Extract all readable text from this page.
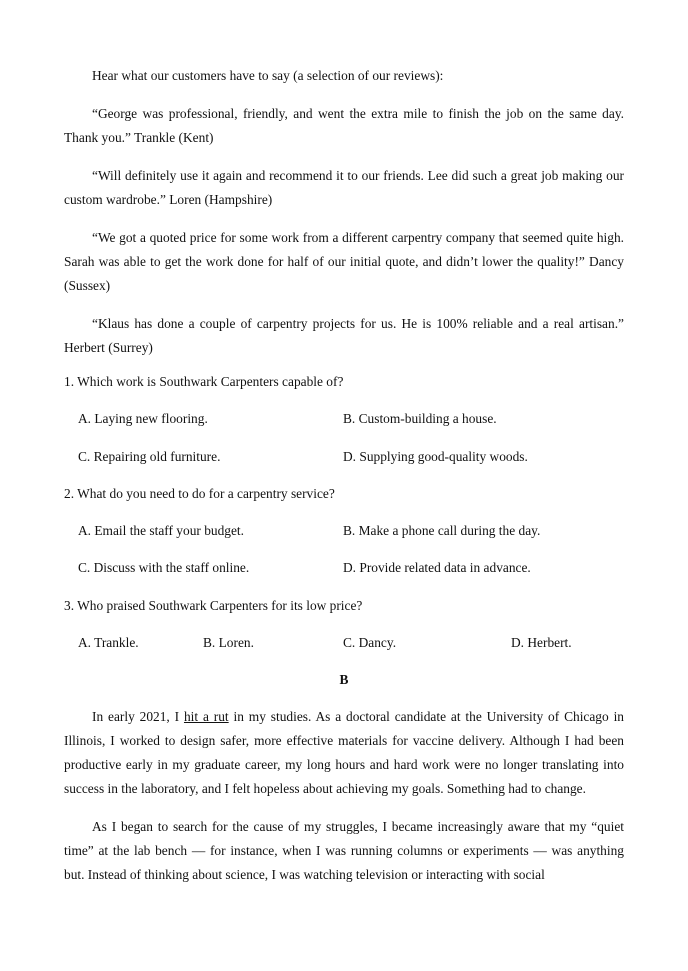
Hear what our customers have to say (a selection of our reviews):

“George was professional, friendly, and went the extra mile to finish the job on the same day. Thank you.” Trankle (Kent)

“Will definitely use it again and recommend it to our friends. Lee did such a great job making our custom wardrobe.” Loren (Hampshire)

“We got a quoted price for some work from a different carpentry company that seemed quite high. Sarah was able to get the work done for half of our initial quote, and didn’t lower the quality!” Dancy (Sussex)

“Klaus has done a couple of carpentry projects for us. He is 100% reliable and a real artisan.” Herbert (Surrey)

1. Which work is Southwark Carpenters capable of?

A. Laying new flooring.	B. Custom-building a house.
C. Repairing old furniture.	D. Supplying good-quality woods.

2. What do you need to do for a carpentry service?

A. Email the staff your budget.	B. Make a phone call during the day.
C. Discuss with the staff online.	D. Provide related data in advance.

3. Who praised Southwark Carpenters for its low price?

A. Trankle.	B. Loren.	C. Dancy.	D. Herbert.

B

In early 2021, I hit a rut in my studies. As a doctoral candidate at the University of Chicago in Illinois, I worked to design safer, more effective materials for vaccine delivery. Although I had been productive early in my graduate career, my long hours and hard work were no longer translating into success in the laboratory, and I felt hopeless about achieving my goals. Something had to change.

As I began to search for the cause of my struggles, I became increasingly aware that my “quiet time” at the lab bench — for instance, when I was running columns or experiments — was anything but. Instead of thinking about science, I was watching television or interacting with social
